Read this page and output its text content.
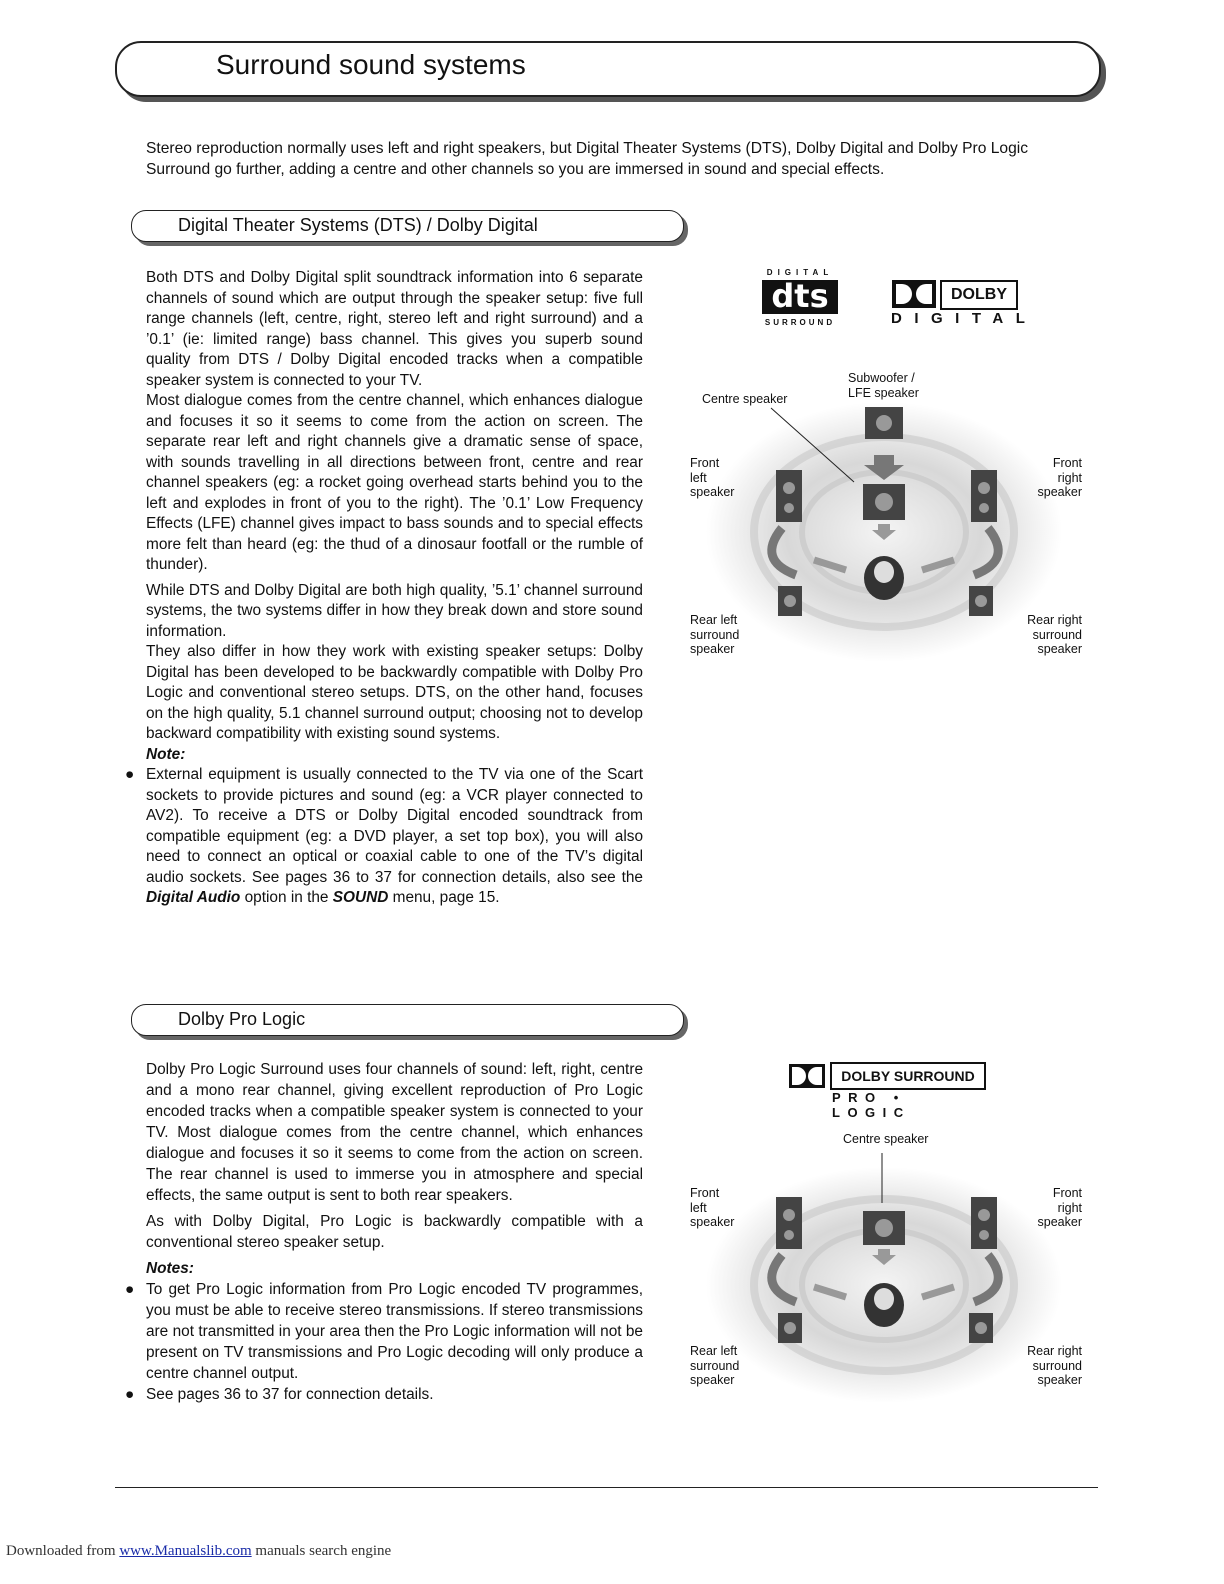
Surround sound systems
Stereo reproduction normally uses left and right speakers, but Digital Theater Systems (DTS), Dolby Digital and Dolby Pro Logic Surround go further, adding a centre and other channels so you are immersed in sound and special effects.
Digital Theater Systems (DTS) / Dolby Digital

Both DTS and Dolby Digital split soundtrack information into 6 separate channels of sound which are output through the speaker setup: five full range channels (left, centre, right, stereo left and right surround) and a ’0.1’ (ie: limited range) bass channel. This gives you superb sound quality from DTS / Dolby Digital encoded tracks when a compatible speaker system is connected to your TV.

Most dialogue comes from the centre channel, which enhances dialogue and focuses it so it seems to come from the action on screen. The separate rear left and right channels give a dramatic sense of space, with sounds travelling in all directions between front, centre and rear channel speakers (eg: a rocket going overhead starts behind you to the left and explodes in front of you to the right). The ’0.1’ Low Frequency Effects (LFE) channel gives impact to bass sounds and to special effects more felt than heard (eg: the thud of a dinosaur footfall or the rumble of thunder).

While DTS and Dolby Digital are both high quality, ’5.1’ channel surround systems, the two systems differ in how they break down and store sound information.

They also differ in how they work with existing speaker setups: Dolby Digital has been developed to be backwardly compatible with Dolby Pro Logic and conventional stereo setups. DTS, on the other hand, focuses on the high quality, 5.1 channel surround output; choosing not to develop backward compatibility with existing sound systems.

Note:

● External equipment is usually connected to the TV via one of the Scart sockets to provide pictures and sound (eg: a VCR player connected to AV2). To receive a DTS or Dolby Digital encoded soundtrack from compatible equipment (eg: a DVD player, a set top box), you will also need to connect an optical or coaxial cable to one of the TV’s digital audio sockets. See pages 36 to 37 for connection details, also see the Digital Audio option in the SOUND menu, page 15.

DIGITAL
dts
SURROUND
DOLBY
DIGITAL
Centre speaker
Subwoofer /
LFE speaker
Front
left
speaker
Front
right
speaker
Rear left
surround
speaker
Rear right
surround
speaker
Dolby Pro Logic

Dolby Pro Logic Surround uses four channels of sound: left, right, centre and a mono rear channel, giving excellent reproduction of Pro Logic encoded tracks when a compatible speaker system is connected to your TV. Most dialogue comes from the centre channel, which enhances dialogue and focuses it so it seems to come from the action on screen. The rear channel is used to immerse you in atmosphere and special effects, the same output is sent to both rear speakers.

As with Dolby Digital, Pro Logic is backwardly compatible with a conventional stereo speaker setup.

Notes:

● To get Pro Logic information from Pro Logic encoded TV programmes, you must be able to receive stereo transmissions. If stereo transmissions are not transmitted in your area then the Pro Logic information will not be present on TV transmissions and Pro Logic decoding will only produce a centre channel output.

● See pages 36 to 37 for connection details.

DOLBY SURROUND
PRO • LOGIC
Centre speaker
Front
left
speaker
Front
right
speaker
Rear left
surround
speaker
Rear right
surround
speaker
Downloaded from www.Manualslib.com manuals search engine
